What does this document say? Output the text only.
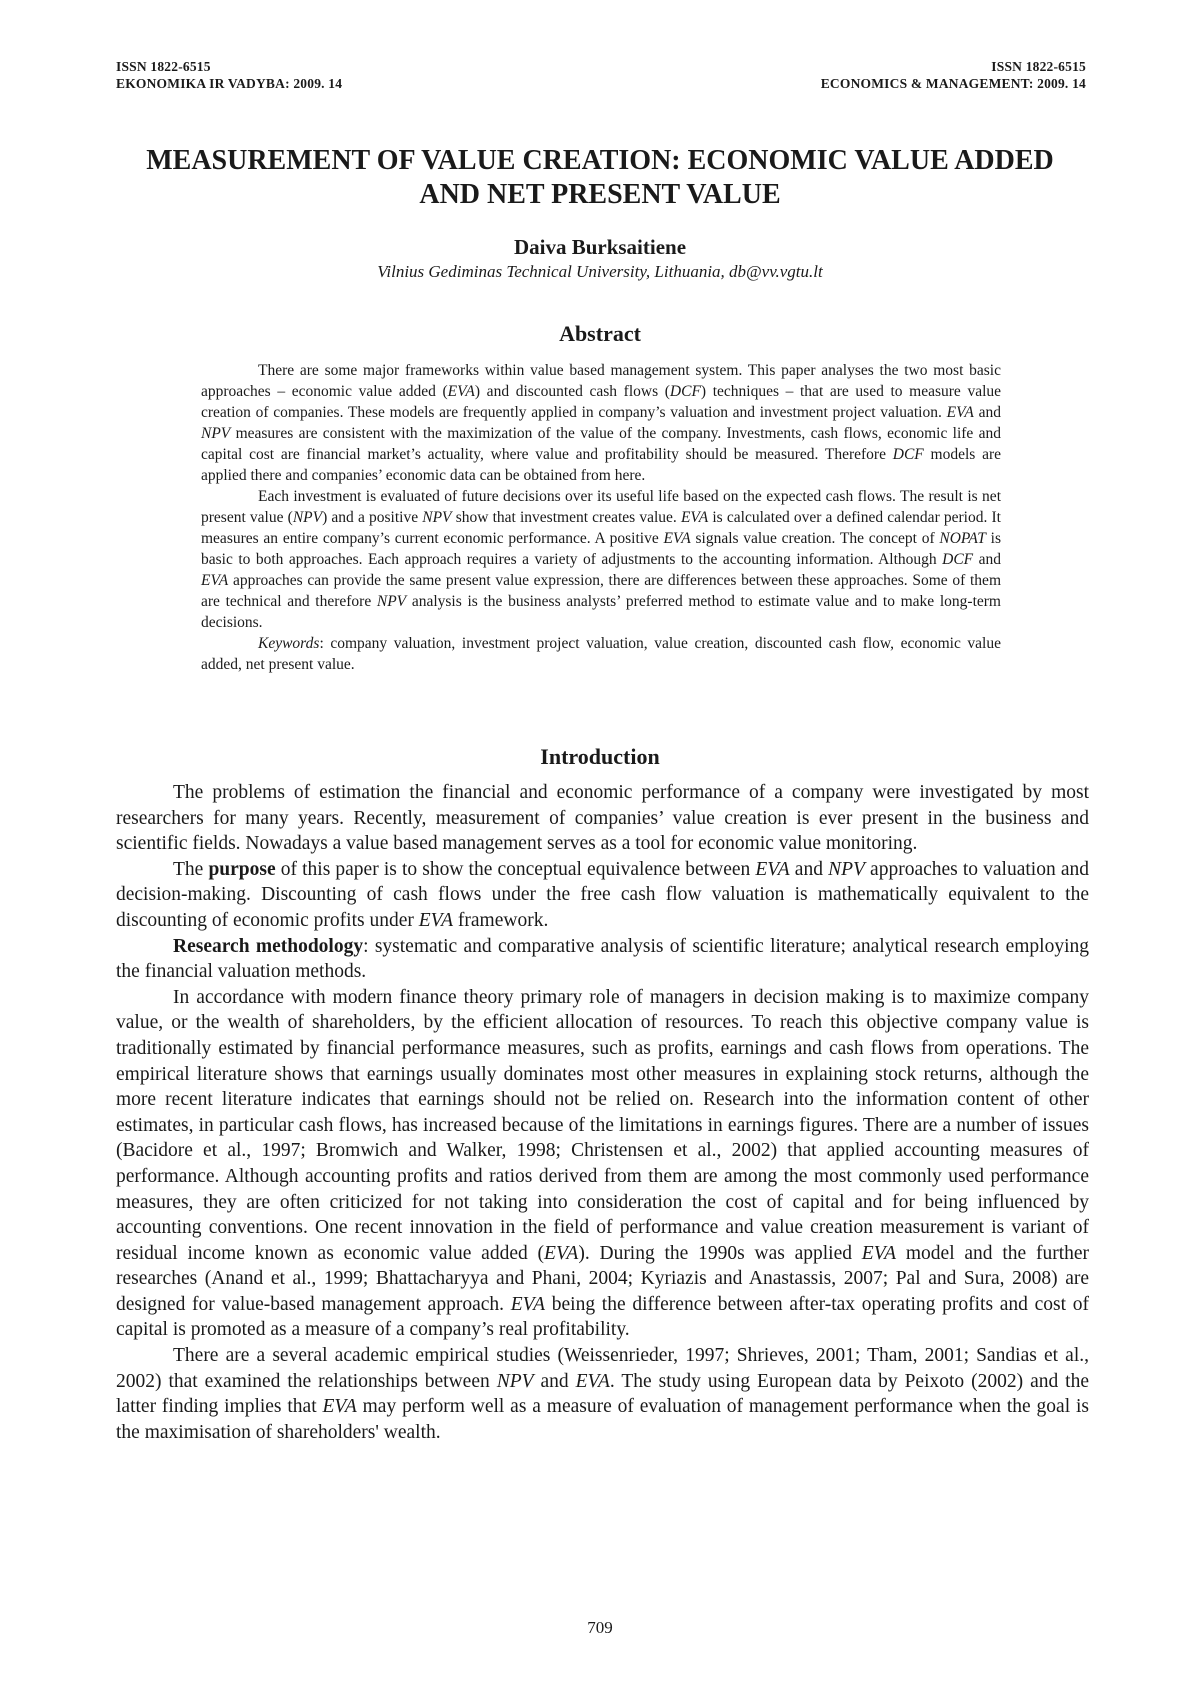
ISSN 1822-6515
EKONOMIKA IR VADYBA: 2009. 14
ISSN 1822-6515
ECONOMICS & MANAGEMENT: 2009. 14
MEASUREMENT OF VALUE CREATION: ECONOMIC VALUE ADDED
AND NET PRESENT VALUE
Daiva Burksaitiene
Vilnius Gediminas Technical University, Lithuania, db@vv.vgtu.lt
Abstract

There are some major frameworks within value based management system. This paper analyses the two most basic approaches – economic value added (EVA) and discounted cash flows (DCF) techniques – that are used to measure value creation of companies. These models are frequently applied in company’s valuation and investment project valuation. EVA and NPV measures are consistent with the maximization of the value of the company. Investments, cash flows, economic life and capital cost are financial market’s actuality, where value and profitability should be measured. Therefore DCF models are applied there and companies’ economic data can be obtained from here.

Each investment is evaluated of future decisions over its useful life based on the expected cash flows. The result is net present value (NPV) and a positive NPV show that investment creates value. EVA is calculated over a defined calendar period. It measures an entire company’s current economic performance. A positive EVA signals value creation. The concept of NOPAT is basic to both approaches. Each approach requires a variety of adjustments to the accounting information. Although DCF and EVA approaches can provide the same present value expression, there are differences between these approaches. Some of them are technical and therefore NPV analysis is the business analysts’ preferred method to estimate value and to make long-term decisions.

Keywords: company valuation, investment project valuation, value creation, discounted cash flow, economic value added, net present value.

Introduction

The problems of estimation the financial and economic performance of a company were investigated by most researchers for many years. Recently, measurement of companies’ value creation is ever present in the business and scientific fields. Nowadays a value based management serves as a tool for economic value monitoring.

The purpose of this paper is to show the conceptual equivalence between EVA and NPV approaches to valuation and decision-making. Discounting of cash flows under the free cash flow valuation is mathematically equivalent to the discounting of economic profits under EVA framework.

Research methodology: systematic and comparative analysis of scientific literature; analytical research employing the financial valuation methods.

In accordance with modern finance theory primary role of managers in decision making is to maximize company value, or the wealth of shareholders, by the efficient allocation of resources. To reach this objective company value is traditionally estimated by financial performance measures, such as profits, earnings and cash flows from operations. The empirical literature shows that earnings usually dominates most other measures in explaining stock returns, although the more recent literature indicates that earnings should not be relied on. Research into the information content of other estimates, in particular cash flows, has increased because of the limitations in earnings figures. There are a number of issues (Bacidore et al., 1997; Bromwich and Walker, 1998; Christensen et al., 2002) that applied accounting measures of performance. Although accounting profits and ratios derived from them are among the most commonly used performance measures, they are often criticized for not taking into consideration the cost of capital and for being influenced by accounting conventions. One recent innovation in the field of performance and value creation measurement is variant of residual income known as economic value added (EVA). During the 1990s was applied EVA model and the further researches (Anand et al., 1999; Bhattacharyya and Phani, 2004; Kyriazis and Anastassis, 2007; Pal and Sura, 2008) are designed for value-based management approach. EVA being the difference between after-tax operating profits and cost of capital is promoted as a measure of a company’s real profitability.

There are a several academic empirical studies (Weissenrieder, 1997; Shrieves, 2001; Tham, 2001; Sandias et al., 2002) that examined the relationships between NPV and EVA. The study using European data by Peixoto (2002) and the latter finding implies that EVA may perform well as a measure of evaluation of management performance when the goal is the maximisation of shareholders' wealth.

709
